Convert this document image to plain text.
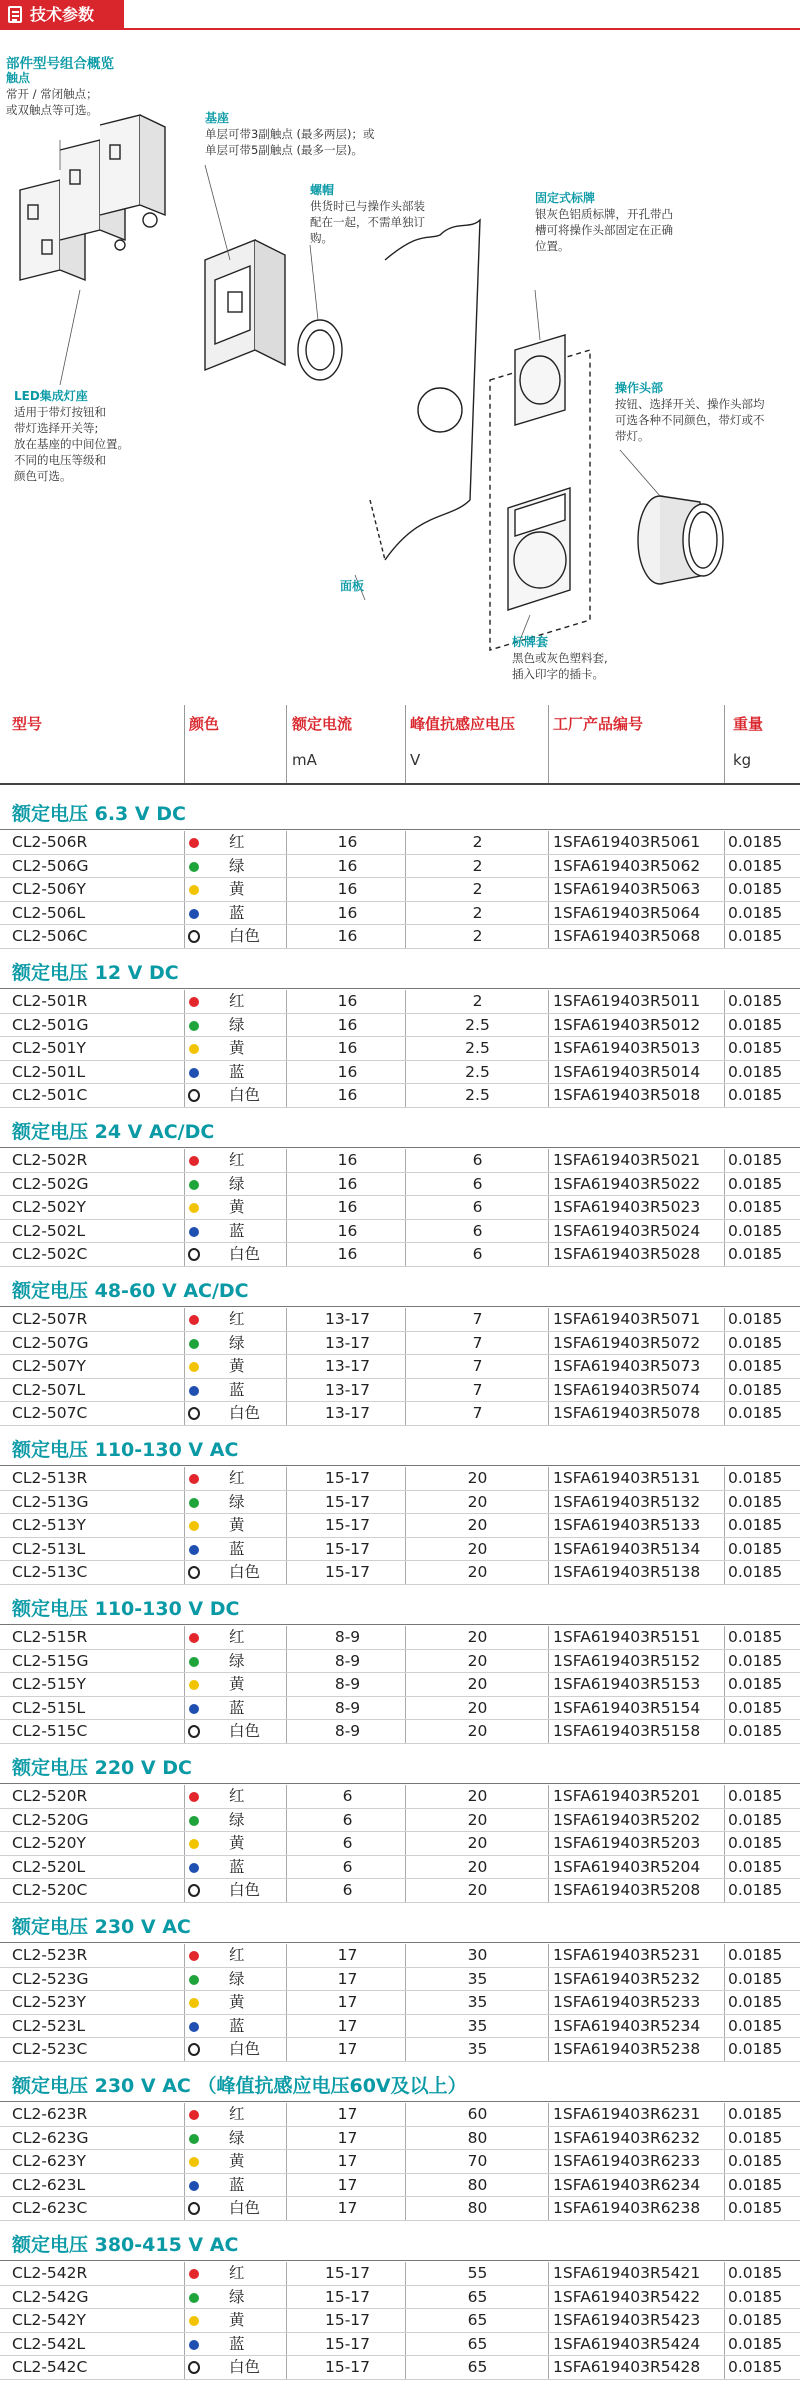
技术参数
部件型号组合概览
触点
常开 / 常闭触点；
或双触点等可选。
基座
单层可带3副触点 (最多两层)；或
单层可带5副触点 (最多一层)。
螺帽
供货时已与操作头部装
配在一起，不需单独订
购。
固定式标牌
银灰色铝质标牌，开孔带凸
槽可将操作头部固定在正确
位置。
操作头部
按钮、选择开关、操作头部均
可选各种不同颜色，带灯或不
带灯。
LED集成灯座
适用于带灯按钮和
带灯选择开关等;
放在基座的中间位置。
不同的电压等级和
颜色可选。
面板
标牌套
黑色或灰色塑料套,
插入印字的插卡。
型号	颜色	额定电流	峰值抗感应电压	工厂产品编号	重量
mA	V	kg
额定电压 6.3 V DC
CL2-506R	红	16	2	1SFA619403R5061 0.0185
CL2-506G	绿	16	2	1SFA619403R5062 0.0185
CL2-506Y	黄	16	2	1SFA619403R5063 0.0185
CL2-506L	蓝	16	2	1SFA619403R5064 0.0185
CL2-506C	白色	16	2	1SFA619403R5068 0.0185
额定电压 12 V DC
CL2-501R	红	16	2	1SFA619403R5011 0.0185
CL2-501G	绿	16	2.5	1SFA619403R5012 0.0185
CL2-501Y	黄	16	2.5	1SFA619403R5013 0.0185
CL2-501L	蓝	16	2.5	1SFA619403R5014 0.0185
CL2-501C	白色	16	2.5	1SFA619403R5018 0.0185
额定电压 24 V AC/DC
CL2-502R	红	16	6	1SFA619403R5021 0.0185
CL2-502G	绿	16	6	1SFA619403R5022 0.0185
CL2-502Y	黄	16	6	1SFA619403R5023 0.0185
CL2-502L	蓝	16	6	1SFA619403R5024 0.0185
CL2-502C	白色	16	6	1SFA619403R5028 0.0185
额定电压 48-60 V AC/DC
CL2-507R	红	13-17	7	1SFA619403R5071 0.0185
CL2-507G	绿	13-17	7	1SFA619403R5072 0.0185
CL2-507Y	黄	13-17	7	1SFA619403R5073 0.0185
CL2-507L	蓝	13-17	7	1SFA619403R5074 0.0185
CL2-507C	白色	13-17	7	1SFA619403R5078 0.0185
额定电压 110-130 V AC
CL2-513R	红	15-17	20	1SFA619403R5131 0.0185
CL2-513G	绿	15-17	20	1SFA619403R5132 0.0185
CL2-513Y	黄	15-17	20	1SFA619403R5133 0.0185
CL2-513L	蓝	15-17	20	1SFA619403R5134 0.0185
CL2-513C	白色	15-17	20	1SFA619403R5138 0.0185
额定电压 110-130 V DC
CL2-515R	红	8-9	20	1SFA619403R5151 0.0185
CL2-515G	绿	8-9	20	1SFA619403R5152 0.0185
CL2-515Y	黄	8-9	20	1SFA619403R5153 0.0185
CL2-515L	蓝	8-9	20	1SFA619403R5154 0.0185
CL2-515C	白色	8-9	20	1SFA619403R5158 0.0185
额定电压 220 V DC
CL2-520R	红	6	20	1SFA619403R5201 0.0185
CL2-520G	绿	6	20	1SFA619403R5202 0.0185
CL2-520Y	黄	6	20	1SFA619403R5203 0.0185
CL2-520L	蓝	6	20	1SFA619403R5204 0.0185
CL2-520C	白色	6	20	1SFA619403R5208 0.0185
额定电压 230 V AC
CL2-523R	红	17	30	1SFA619403R5231 0.0185
CL2-523G	绿	17	35	1SFA619403R5232 0.0185
CL2-523Y	黄	17	35	1SFA619403R5233 0.0185
CL2-523L	蓝	17	35	1SFA619403R5234 0.0185
CL2-523C	白色	17	35	1SFA619403R5238 0.0185
额定电压 230 V AC （峰值抗感应电压60V及以上）
CL2-623R	红	17	60	1SFA619403R6231 0.0185
CL2-623G	绿	17	80	1SFA619403R6232 0.0185
CL2-623Y	黄	17	70	1SFA619403R6233 0.0185
CL2-623L	蓝	17	80	1SFA619403R6234 0.0185
CL2-623C	白色	17	80	1SFA619403R6238 0.0185
额定电压 380-415 V AC
CL2-542R	红	15-17	55	1SFA619403R5421 0.0185
CL2-542G	绿	15-17	65	1SFA619403R5422 0.0185
CL2-542Y	黄	15-17	65	1SFA619403R5423 0.0185
CL2-542L	蓝	15-17	65	1SFA619403R5424 0.0185
CL2-542C	白色	15-17	65	1SFA619403R5428 0.0185
